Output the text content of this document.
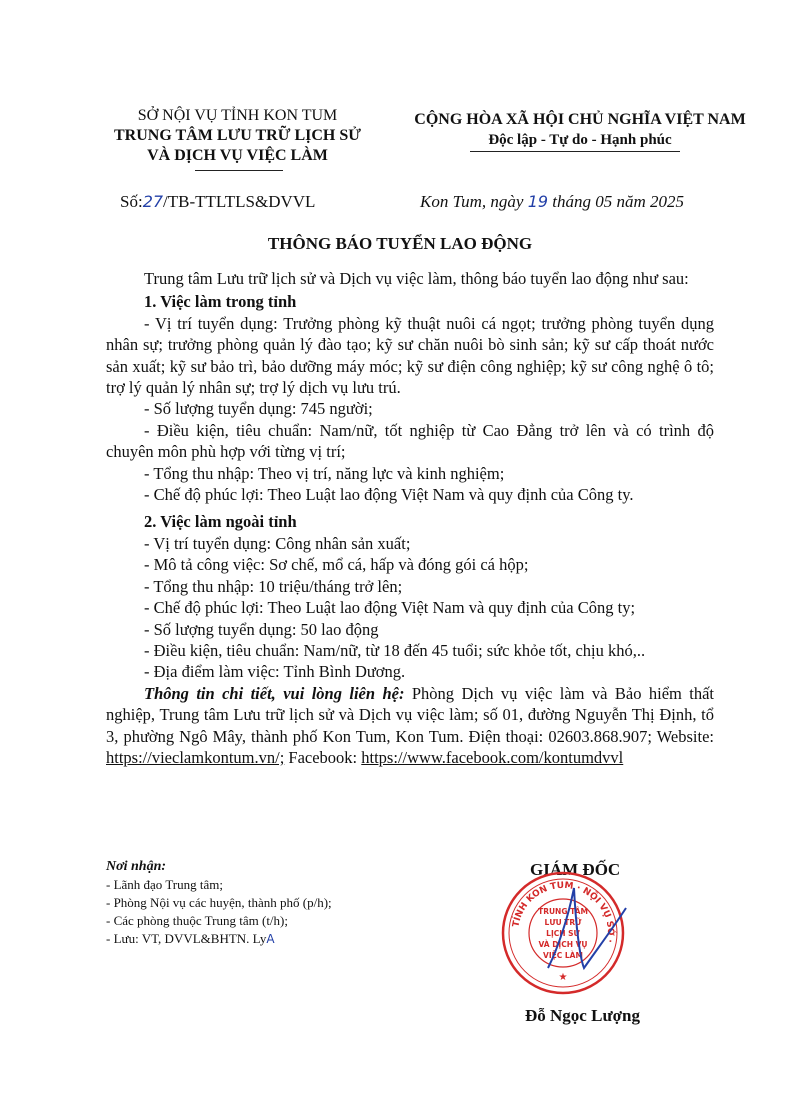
SỞ NỘI VỤ TỈNH KON TUM
TRUNG TÂM LƯU TRỮ LỊCH SỬ
VÀ DỊCH VỤ VIỆC LÀM
CỘNG HÒA XÃ HỘI CHỦ NGHĨA VIỆT NAM
Độc lập - Tự do - Hạnh phúc
Số:27/TB-TTLTLS&DVVL	Kon Tum, ngày 19 tháng 05 năm 2025
THÔNG BÁO TUYỂN LAO ĐỘNG

Trung tâm Lưu trữ lịch sử và Dịch vụ việc làm, thông báo tuyển lao động như sau:

1. Việc làm trong tỉnh

- Vị trí tuyển dụng: Trưởng phòng kỹ thuật nuôi cá ngọt; trưởng phòng tuyển dụng nhân sự; trưởng phòng quản lý đào tạo; kỹ sư chăn nuôi bò sinh sản; kỹ sư cấp thoát nước sản xuất; kỹ sư bảo trì, bảo dưỡng máy móc; kỹ sư điện công nghiệp; kỹ sư công nghệ ô tô; trợ lý quản lý nhân sự; trợ lý dịch vụ lưu trú.

- Số lượng tuyển dụng: 745 người;

- Điều kiện, tiêu chuẩn: Nam/nữ, tốt nghiệp từ Cao Đẳng trở lên và có trình độ chuyên môn phù hợp với từng vị trí;

- Tổng thu nhập: Theo vị trí, năng lực và kinh nghiệm;

- Chế độ phúc lợi: Theo Luật lao động Việt Nam và quy định của Công ty.

2. Việc làm ngoài tỉnh

- Vị trí tuyển dụng: Công nhân sản xuất;

- Mô tả công việc: Sơ chế, mổ cá, hấp và đóng gói cá hộp;

- Tổng thu nhập: 10 triệu/tháng trở lên;

- Chế độ phúc lợi: Theo Luật lao động Việt Nam và quy định của Công ty;

- Số lượng tuyển dụng: 50 lao động

- Điều kiện, tiêu chuẩn: Nam/nữ, từ 18 đến 45 tuổi; sức khỏe tốt, chịu khó,..

- Địa điểm làm việc: Tỉnh Bình Dương.

Thông tin chi tiết, vui lòng liên hệ: Phòng Dịch vụ việc làm và Bảo hiểm thất nghiệp, Trung tâm Lưu trữ lịch sử và Dịch vụ việc làm; số 01, đường Nguyễn Thị Định, tổ 3, phường Ngô Mây, thành phố Kon Tum, Kon Tum. Điện thoại: 02603.868.907; Website: https://vieclamkontum.vn/; Facebook: https://www.facebook.com/kontumdvvl

Nơi nhận:
- Lãnh đạo Trung tâm;
- Phòng Nội vụ các huyện, thành phố (p/h);
- Các phòng thuộc Trung tâm (t/h);
- Lưu: VT, DVVL&BHTN. LyA
GIÁM ĐỐC
TỈNH KON TUM · NỘI VỤ SỞ ·
TRUNG TÂM
LƯU TRỮ
LỊCH SỬ
VÀ DỊCH VỤ
VIỆC LÀM
★
Đỗ Ngọc Lượng
